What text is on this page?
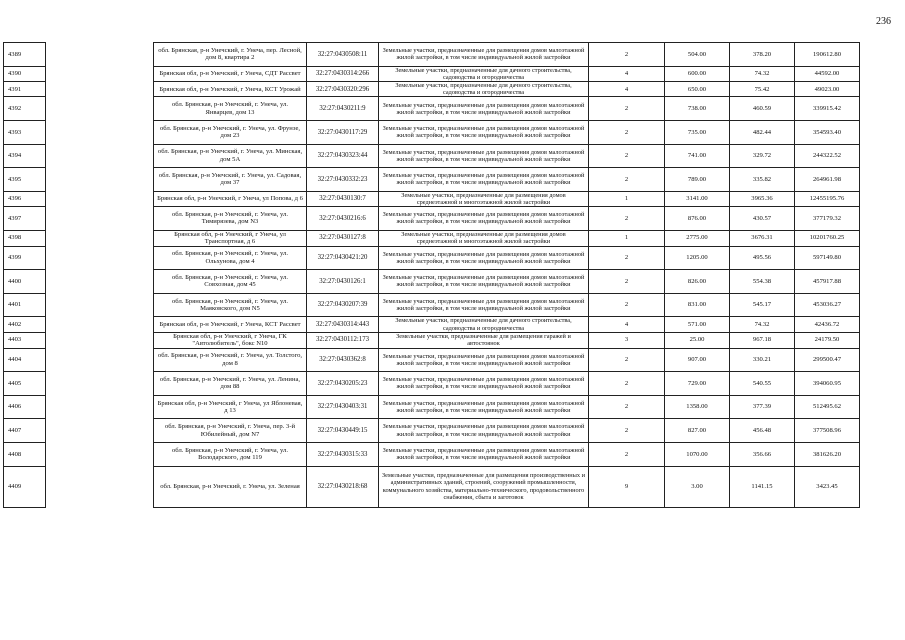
236
4389		обл. Брянская, р-н Унечский, г. Унеча, пер. Лесной, дом 8, квартира 2	32:27:0430508:11	Земельные участки, предназначенные для размещения домов малоэтажной жилой застройки, в том числе индивидуальной жилой застройки	2	504.00	378.20	190612.80
4390		Брянская обл, р-н Унечский, г Унеча, СДТ Рассвет	32:27:0430314:266	Земельные участки, предназначенные для дачного строительства, садоводства и огородничества	4	600.00	74.32	44592.00
4391		Брянская обл, р-н Унечский, г Унеча, КСТ Урожай	32:27:0430320:296	Земельные участки, предназначенные для дачного строительства, садоводства и огородничества	4	650.00	75.42	49023.00
4392		обл. Брянская, р-н Унечский, г. Унеча, ул. Январцев, дом 13	32:27:0430211:9	Земельные участки, предназначенные для размещения домов малоэтажной жилой застройки, в том числе индивидуальной жилой застройки	2	738.00	460.59	339915.42
4393		обл. Брянская, р-н Унечский, г. Унеча, ул. Фрунзе, дом 23	32:27:0430117:29	Земельные участки, предназначенные для размещения домов малоэтажной жилой застройки, в том числе индивидуальной жилой застройки	2	735.00	482.44	354593.40
4394		обл. Брянская, р-н Унечский, г. Унеча, ул. Минская, дом 5А	32:27:0430323:44	Земельные участки, предназначенные для размещения домов малоэтажной жилой застройки, в том числе индивидуальной жилой застройки	2	741.00	329.72	244322.52
4395		обл. Брянская, р-н Унечский, г. Унеча, ул. Садовая, дом 37	32:27:0430332:23	Земельные участки, предназначенные для размещения домов малоэтажной жилой застройки, в том числе индивидуальной жилой застройки	2	789.00	335.82	264961.98
4396		Брянская обл, р-н Унечский, г Унеча, ул Попова, д 6	32:27:0430130:7	Земельные участки, предназначенные для размещения домов среднеэтажной и многоэтажной жилой застройки	1	3141.00	3965.36	12455195.76
4397		обл. Брянская, р-н Унечский, г. Унеча, ул. Тимирязева, дом N3	32:27:0430216:6	Земельные участки, предназначенные для размещения домов малоэтажной жилой застройки, в том числе индивидуальной жилой застройки	2	876.00	430.57	377179.32
4398		Брянская обл, р-н Унечский, г Унеча, ул Транспортная, д 6	32:27:0430127:8	Земельные участки, предназначенные для размещения домов среднеэтажной и многоэтажной жилой застройки	1	2775.00	3676.31	10201760.25
4399		обл. Брянская, р-н Унечский, г. Унеча, ул. Ольхунова, дом 4	32:27:0430421:20	Земельные участки, предназначенные для размещения домов малоэтажной жилой застройки, в том числе индивидуальной жилой застройки	2	1205.00	495.56	597149.80
4400		обл. Брянская, р-н Унечский, г. Унеча, ул. Совхозная, дом 45	32:27:0430126:1	Земельные участки, предназначенные для размещения домов малоэтажной жилой застройки, в том числе индивидуальной жилой застройки	2	826.00	554.38	457917.88
4401		обл. Брянская, р-н Унечский, г. Унеча, ул. Маяковского, дом N5	32:27:0430207:39	Земельные участки, предназначенные для размещения домов малоэтажной жилой застройки, в том числе индивидуальной жилой застройки	2	831.00	545.17	453036.27
4402		Брянская обл, р-н Унечский, г Унеча, КСТ Рассвет	32:27:0430314:443	Земельные участки, предназначенные для дачного строительства, садоводства и огородничества	4	571.00	74.32	42436.72
4403		Брянская обл, р-н Унечский, г Унеча, ГК "Автолюбитель", бокс N10	32:27:0430112:173	Земельные участки, предназначенные для размещения гаражей и автостоянок	3	25.00	967.18	24179.50
4404		обл. Брянская, р-н Унечский, г. Унеча, ул. Толстого, дом 8	32:27:0430362:8	Земельные участки, предназначенные для размещения домов малоэтажной жилой застройки, в том числе индивидуальной жилой застройки	2	907.00	330.21	299500.47
4405		обл. Брянская, р-н Унечский, г. Унеча, ул. Ленина, дом 88	32:27:0430205:23	Земельные участки, предназначенные для размещения домов малоэтажной жилой застройки, в том числе индивидуальной жилой застройки	2	729.00	540.55	394060.95
4406		Брянская обл, р-н Унечский, г Унеча, ул Яблоневая, д 13	32:27:0430403:31	Земельные участки, предназначенные для размещения домов малоэтажной жилой застройки, в том числе индивидуальной жилой застройки	2	1358.00	377.39	512495.62
4407		обл. Брянская, р-н Унечский, г. Унеча, пер. 3-й Юбилейный, дом N7	32:27:0430449:15	Земельные участки, предназначенные для размещения домов малоэтажной жилой застройки, в том числе индивидуальной жилой застройки	2	827.00	456.48	377508.96
4408		обл. Брянская, р-н Унечский, г. Унеча, ул. Володарского, дом 119	32:27:0430315:33	Земельные участки, предназначенные для размещения домов малоэтажной жилой застройки, в том числе индивидуальной жилой застройки	2	1070.00	356.66	381626.20
4409		обл. Брянская, р-н Унечский, г. Унеча, ул. Зеленая	32:27:0430218:68	Земельные участки, предназначенные для размещения производственных и административных зданий, строений, сооружений промышленности, коммунального хозяйства, материально-технического, продовольственного снабжения, сбыта и заготовок	9	3.00	1141.15	3423.45
